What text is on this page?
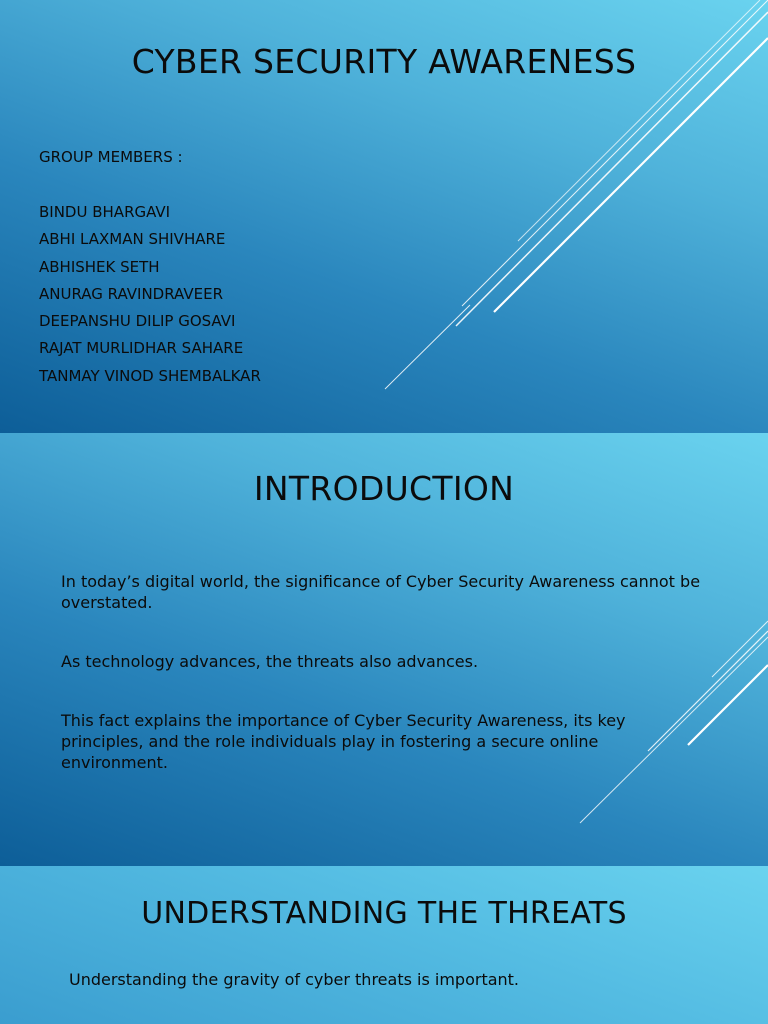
CYBER SECURITY AWARENESS
GROUP MEMBERS :
BINDU BHARGAVI
ABHI LAXMAN SHIVHARE
ABHISHEK SETH
ANURAG RAVINDRAVEER
DEEPANSHU DILIP GOSAVI
RAJAT MURLIDHAR SAHARE
TANMAY VINOD SHEMBALKAR
INTRODUCTION

In today’s digital world, the significance of Cyber Security Awareness cannot be overstated.

As technology advances, the threats also advances.

This fact explains the importance of Cyber Security Awareness, its key principles, and the role individuals play in fostering a secure online environment.

UNDERSTANDING THE THREATS

Understanding the gravity of cyber threats is important.
